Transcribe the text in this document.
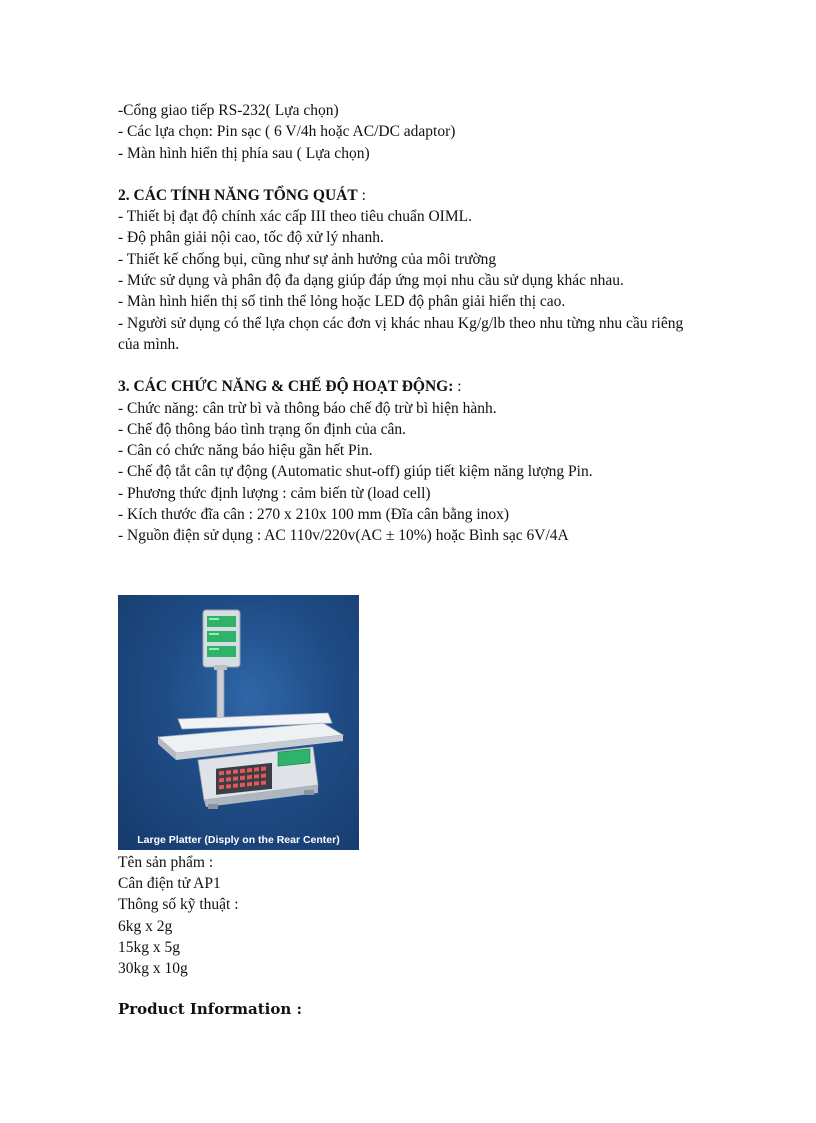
-Cổng giao tiếp RS-232( Lựa chọn)

- Các lựa chọn: Pin sạc ( 6 V/4h hoặc AC/DC adaptor)

- Màn hình hiển thị phía sau ( Lựa chọn)

2. CÁC TÍNH NĂNG TỔNG QUÁT :

- Thiết bị đạt độ chính xác cấp III theo tiêu chuẩn OIML.

- Độ phân giải nội cao, tốc độ xử lý nhanh.

- Thiết kế chống bụi, cũng như sự ảnh hưởng của môi trường

- Mức sử dụng và phân độ đa dạng giúp đáp ứng mọi nhu cầu sử dụng khác nhau.

- Màn hình hiển thị số tinh thể lỏng hoặc LED độ phân giải hiển thị cao.

- Người sử dụng có thể lựa chọn các đơn vị khác nhau Kg/g/lb theo nhu từng nhu cầu riêng của mình.

3. CÁC CHỨC NĂNG & CHẾ ĐỘ HOẠT ĐỘNG: :

- Chức năng: cân trừ bì và thông báo chế độ trừ bì hiện hành.

- Chế độ thông báo tình trạng ổn định của cân.

- Cân có chức năng báo hiệu gần hết Pin.

- Chế độ tắt cân tự động (Automatic shut-off) giúp tiết kiệm năng lượng Pin.

- Phương thức định lượng : cảm biến từ (load cell)

- Kích thước đĩa cân : 270 x 210x 100 mm (Đĩa cân bằng inox)

- Nguồn điện sử dụng : AC 110v/220v(AC ± 10%) hoặc Bình sạc 6V/4A

Large Platter (Disply on the Rear Center)

Tên sản phẩm :

Cân điện tử AP1

Thông số kỹ thuật :

6kg x 2g

15kg x 5g

30kg x 10g

Product Information :
